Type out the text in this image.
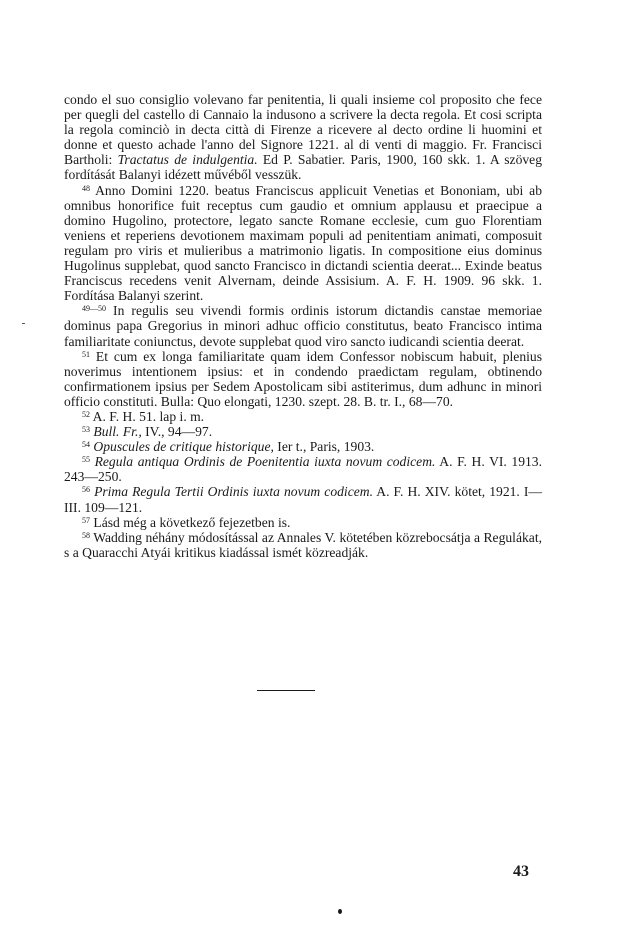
condo el suo consiglio volevano far penitentia, li quali insieme col proposito che fece per quegli del castello di Cannaio la indusono a scrivere la decta regola. Et cosi scripta la regola cominciò in decta città di Firenze a ricevere al decto ordine li huomini et donne et questo achade l'anno del Signore 1221. al di venti di maggio. Fr. Francisci Bartholi: Tractatus de indulgentia. Ed P. Sabatier. Paris, 1900, 160 skk. 1. A szöveg fordítását Balanyi idézett művéből vesszük.

$^{48}$ Anno Domini 1220. beatus Franciscus applicuit Venetias et Bononiam, ubi ab omnibus honorifice fuit receptus cum gaudio et omnium applausu et praecipue a domino Hugolino, protectore, legato sancte Romane ecclesie, cum guo Florentiam veniens et reperiens devotionem maximam populi ad penitentiam animati, composuit regulam pro viris et mulieribus a matrimonio ligatis. In compositione eius dominus Hugolinus supplebat, quod sancto Francisco in dictandi scientia deerat... Exinde beatus Franciscus recedens venit Alvernam, deinde Assisium. A. F. H. 1909. 96 skk. 1. Fordítása Balanyi szerint.

$^{49—50}$ In regulis seu vivendi formis ordinis istorum dictandis canstae memoriae dominus papa Gregorius in minori adhuc officio constitutus, beato Francisco intima familiaritate coniunctus, devote supplebat quod viro sancto iudicandi scientia deerat.

$^{51}$ Et cum ex longa familiaritate quam idem Confessor nobiscum habuit, plenius noverimus intentionem ipsius: et in condendo praedictam regulam, obtinendo confirmationem ipsius per Sedem Apostolicam sibi astiterimus, dum adhunc in minori officio constituti. Bulla: Quo elongati, 1230. szept. 28. B. tr. I., 68—70.

$^{52}$ A. F. H. 51. lap i. m.

$^{53}$ Bull. Fr., IV., 94—97.

$^{54}$ Opuscules de critique historique, Ier t., Paris, 1903.

$^{55}$ Regula antiqua Ordinis de Poenitentia iuxta novum codicem. A. F. H. VI. 1913. 243—250.

$^{56}$ Prima Regula Tertii Ordinis iuxta novum codicem. A. F. H. XIV. kötet, 1921. I—III. 109—121.

$^{57}$ Lásd még a következő fejezetben is.

$^{58}$ Wadding néhány módosítással az Annales V. kötetében közrebocsátja a Regulákat, s a Quaracchi Atyái kritikus kiadással ismét közreadják.

43
